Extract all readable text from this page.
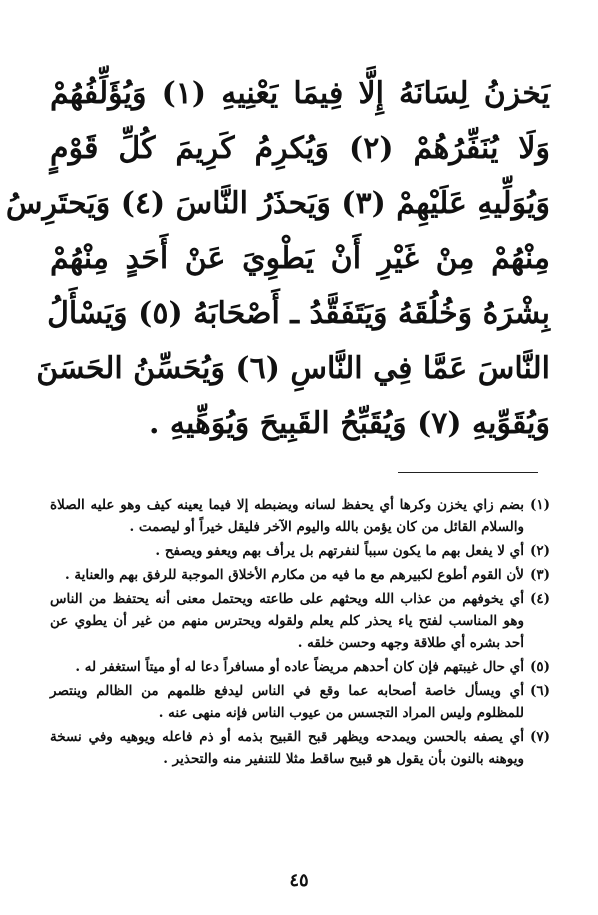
يَخزنُ لِسَانَهُ إِلَّا فِيمَا يَعْنِيهِ (١) وَيُؤَلِّفُهُمْ
وَلَا يُنَفِّرُهُمْ (٢) وَيُكرِمُ كَرِيمَ كُلِّ قَوْمٍ
وَيُوَلِّيهِ عَلَيْهِمْ (٣) وَيَحذَرُ النَّاسَ (٤) وَيَحتَرِسُ
مِنْهُمْ مِنْ غَيْرِ أَنْ يَطْوِيَ عَنْ أَحَدٍ مِنْهُمْ
بِشْرَهُ وَخُلُقَهُ وَيَتَفَقَّدُ ـ أَصْحَابَهُ (٥) وَيَسْأَلُ
النَّاسَ عَمَّا فِي النَّاسِ (٦) وَيُحَسِّنُ الحَسَنَ
وَيُقَوِّيهِ (٧) وَيُقَبِّحُ القَبِيحَ وَيُوَهِّيهِ .
(١)
بضم زاي يخزن وكرها أي يحفظ لسانه ويضبطه إلا فيما يعينه كيف وهو عليه الصلاة والسلام القائل من كان يؤمن بالله واليوم الآخر فليقل خيراً أو ليصمت .
(٢)
أي لا يفعل بهم ما يكون سبباً لنفرتهم بل يرأف بهم ويعفو ويصفح .
(٣)
لأن القوم أطوع لكبيرهم مع ما فيه من مكارم الأخلاق الموجبة للرفق بهم والعناية .
(٤)
أي يخوفهم من عذاب الله ويحثهم على طاعته ويحتمل معنى أنه يحتفظ من الناس وهو المناسب لفتح ياء يحذر كلم يعلم ولقوله ويحترس منهم من غير أن يطوي عن أحد بشره أي طلاقة وجهه وحسن خلقه .
(٥)
أي حال غيبتهم فإن كان أحدهم مريضاً عاده أو مسافراً دعا له أو ميتاً استغفر له .
(٦)
أي ويسأل خاصة أصحابه عما وقع في الناس ليدفع ظلمهم من الظالم وينتصر للمظلوم وليس المراد التجسس من عيوب الناس فإنه منهى عنه .
(٧)
أي يصفه بالحسن ويمدحه ويظهر قبح القبيح بذمه أو ذم فاعله ويوهيه وفي نسخة ويوهنه بالنون بأن يقول هو قبيح ساقط مثلا للتنفير منه والتحذير .
٤٥
